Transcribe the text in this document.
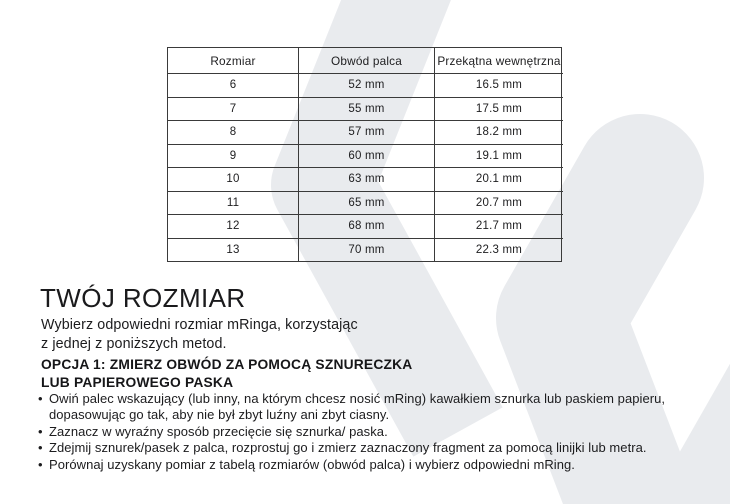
Rozmiar	Obwód palca	Przekątna wewnętrzna
6	52 mm	16.5 mm
7	55 mm	17.5 mm
8	57 mm	18.2 mm
9	60 mm	19.1 mm
10	63 mm	20.1 mm
11	65 mm	20.7 mm
12	68 mm	21.7 mm
13	70 mm	22.3 mm
TWÓJ ROZMIAR
Wybierz odpowiedni rozmiar mRinga, korzystając
z jednej z poniższych metod.
OPCJA 1: ZMIERZ OBWÓD ZA POMOCĄ SZNURECZKA
LUB PAPIEROWEGO PASKA
• Owiń palec wskazujący (lub inny, na którym chcesz nosić mRing) kawałkiem sznurka lub paskiem papieru, dopasowując go tak, aby nie był zbyt luźny ani zbyt ciasny.
• Zaznacz w wyraźny sposób przecięcie się sznurka/ paska.
• Zdejmij sznurek/pasek z palca, rozprostuj go i zmierz zaznaczony fragment za pomocą linijki lub metra.
• Porównaj uzyskany pomiar z tabelą rozmiarów (obwód palca) i wybierz odpowiedni mRing.
